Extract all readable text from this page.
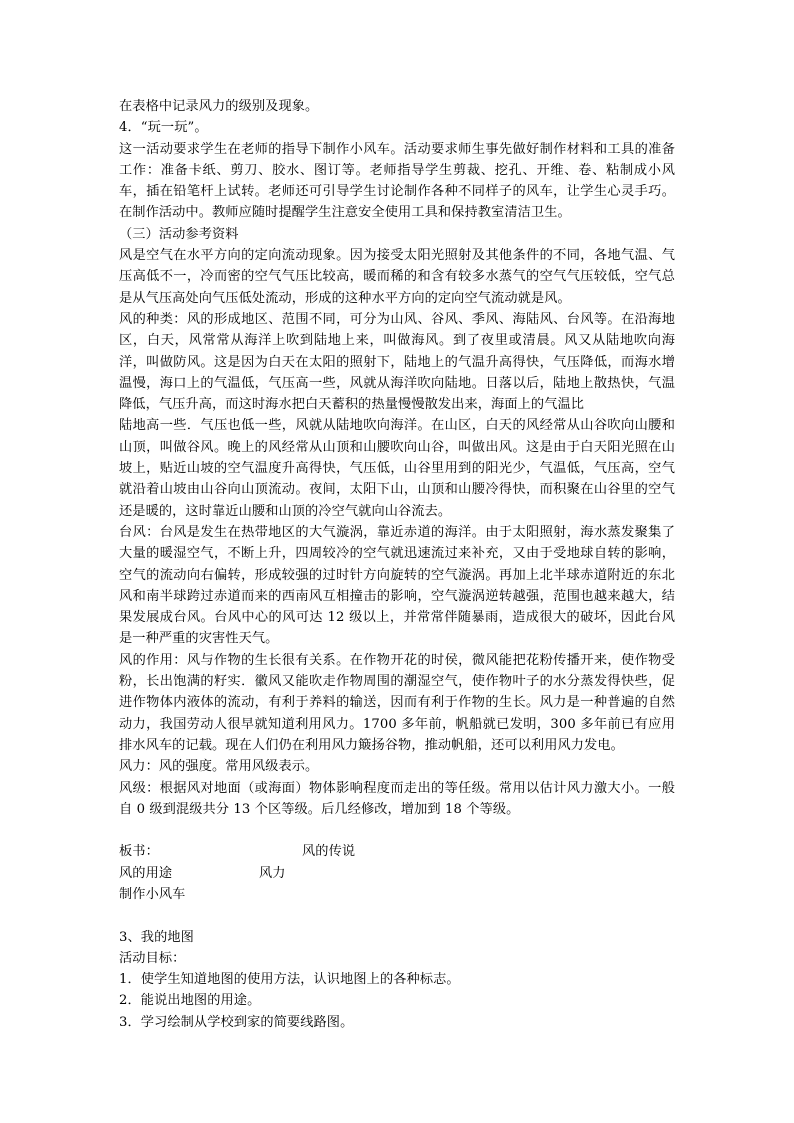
在表格中记录风力的级别及现象。

4．“玩一玩”。

这一活动要求学生在老师的指导下制作小风车。活动要求师生事先做好制作材料和工具的准备工作：准备卡纸、剪刀、胶水、图订等。老师指导学生剪裁、挖孔、开维、卷、粘制成小风车，插在铅笔杆上试转。老师还可引导学生讨论制作各种不同样子的风车，让学生心灵手巧。在制作活动中。教师应随时提醒学生注意安全使用工具和保持教室清洁卫生。

（三）活动参考资料

风是空气在水平方向的定向流动现象。因为接受太阳光照射及其他条件的不同，各地气温、气压高低不一，冷而密的空气气压比较高，暖而稀的和含有较多水蒸气的空气气压较低，空气总是从气压高处向气压低处流动，形成的这种水平方向的定向空气流动就是风。

风的种类：风的形成地区、范围不同，可分为山风、谷风、季风、海陆风、台风等。在沿海地区，白天，风常常从海洋上吹到陆地上来，叫做海风。到了夜里或清晨。风又从陆地吹向海洋，叫做防风。这是因为白天在太阳的照射下，陆地上的气温升高得快，气压降低，而海水增温慢，海口上的气温低，气压高一些，风就从海洋吹向陆地。日落以后，陆地上散热快，气温降低，气压升高，而这时海水把白天蓄积的热量慢慢散发出来，海面上的气温比

陆地高一些．气压也低一些，风就从陆地吹向海洋。在山区，白天的风经常从山谷吹向山腰和山顶，叫做谷风。晚上的风经常从山顶和山腰吹向山谷，叫做出风。这是由于白天阳光照在山坡上，贴近山坡的空气温度升高得快，气压低，山谷里用到的阳光少，气温低，气压高，空气就沿着山坡由山谷向山顶流动。夜间，太阳下山，山顶和山腰冷得快，而积聚在山谷里的空气还是暖的，这时靠近山腰和山顶的冷空气就向山谷流去。

台风：台风是发生在热带地区的大气漩涡，靠近赤道的海洋。由于太阳照射，海水蒸发聚集了大量的暖湿空气，不断上升，四周较冷的空气就迅速流过来补充，又由于受地球自转的影响，空气的流动向右偏转，形成较强的过时针方向旋转的空气漩涡。再加上北半球赤道附近的东北风和南半球跨过赤道而来的西南风互相撞击的影响，空气漩涡逆转越强，范围也越来越大，结果发展成台风。台风中心的风可达 12 级以上，并常常伴随暴雨，造成很大的破坏，因此台风是一种严重的灾害性天气。

风的作用：风与作物的生长很有关系。在作物开花的时侯，微风能把花粉传播开来，使作物受粉，长出饱满的籽实．徽风又能吹走作物周围的潮湿空气，使作物叶子的水分蒸发得快些，促进作物体内液体的流动，有利于养料的输送，因而有利于作物的生长。风力是一种普遍的自然动力，我国劳动人很早就知道利用风力。1700 多年前，帆船就已发明，300 多年前已有应用排水风车的记载。现在人们仍在利用风力簸扬谷物，推动帆船，还可以利用风力发电。

风力：风的强度。常用风级表示。

风级：根据风对地面（或海面）物体影响程度而走出的等任级。常用以估计风力激大小。一般自 0 级到混级共分 13 个区等级。后几经修改，增加到 18 个等级。

板书：	风的传说
风的用途	风力
制作小风车

3、我的地图

活动目标：

1．使学生知道地图的使用方法，认识地图上的各种标志。

2．能说出地图的用途。

3．学习绘制从学校到家的简要线路图。
